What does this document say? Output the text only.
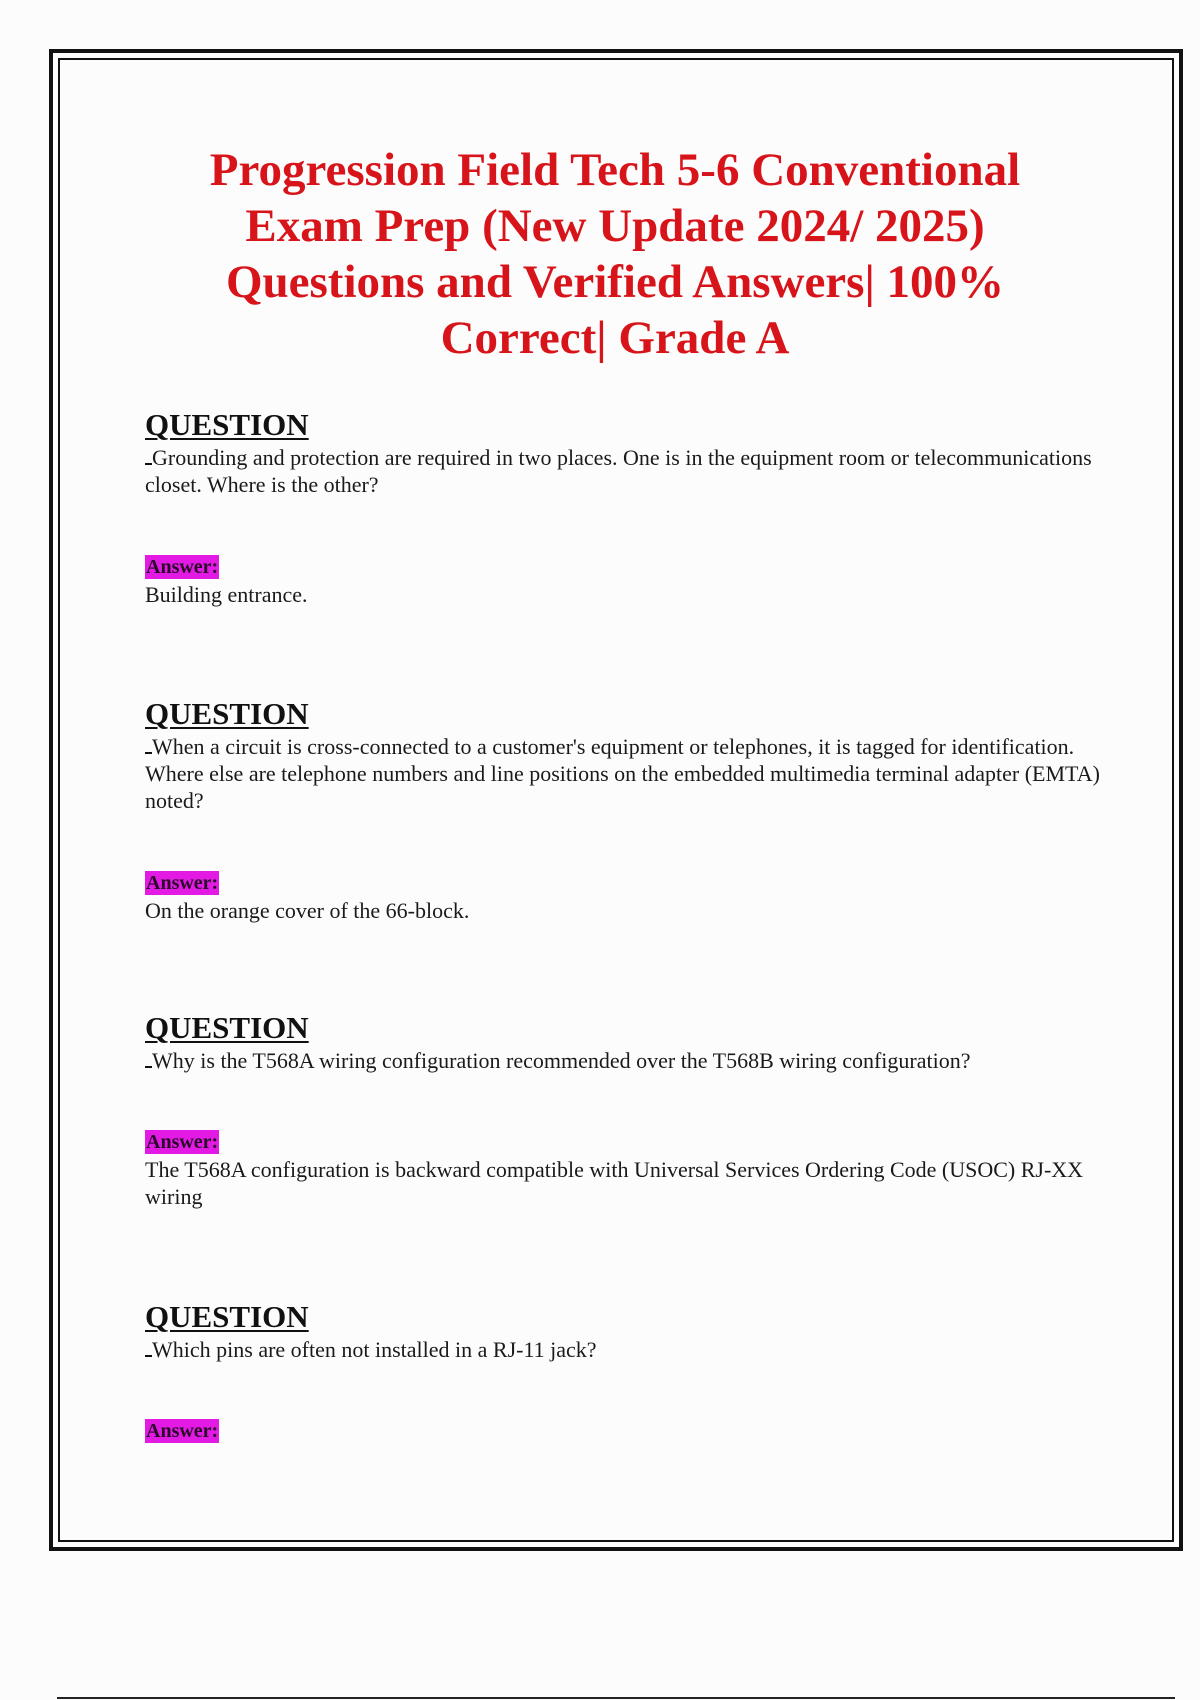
Progression Field Tech 5-6 Conventional
Exam Prep (New Update 2024/ 2025)
Questions and Verified Answers| 100%
Correct| Grade A
QUESTION
Grounding and protection are required in two places. One is in the equipment room or telecommunications closet. Where is the other?
Answer:
Building entrance.
QUESTION
When a circuit is cross-connected to a customer's equipment or telephones, it is tagged for identification. Where else are telephone numbers and line positions on the embedded multimedia terminal adapter (EMTA) noted?
Answer:
On the orange cover of the 66-block.
QUESTION
Why is the T568A wiring configuration recommended over the T568B wiring configuration?
Answer:
The T568A configuration is backward compatible with Universal Services Ordering Code (USOC) RJ-XX wiring
QUESTION
Which pins are often not installed in a RJ-11 jack?
Answer:
